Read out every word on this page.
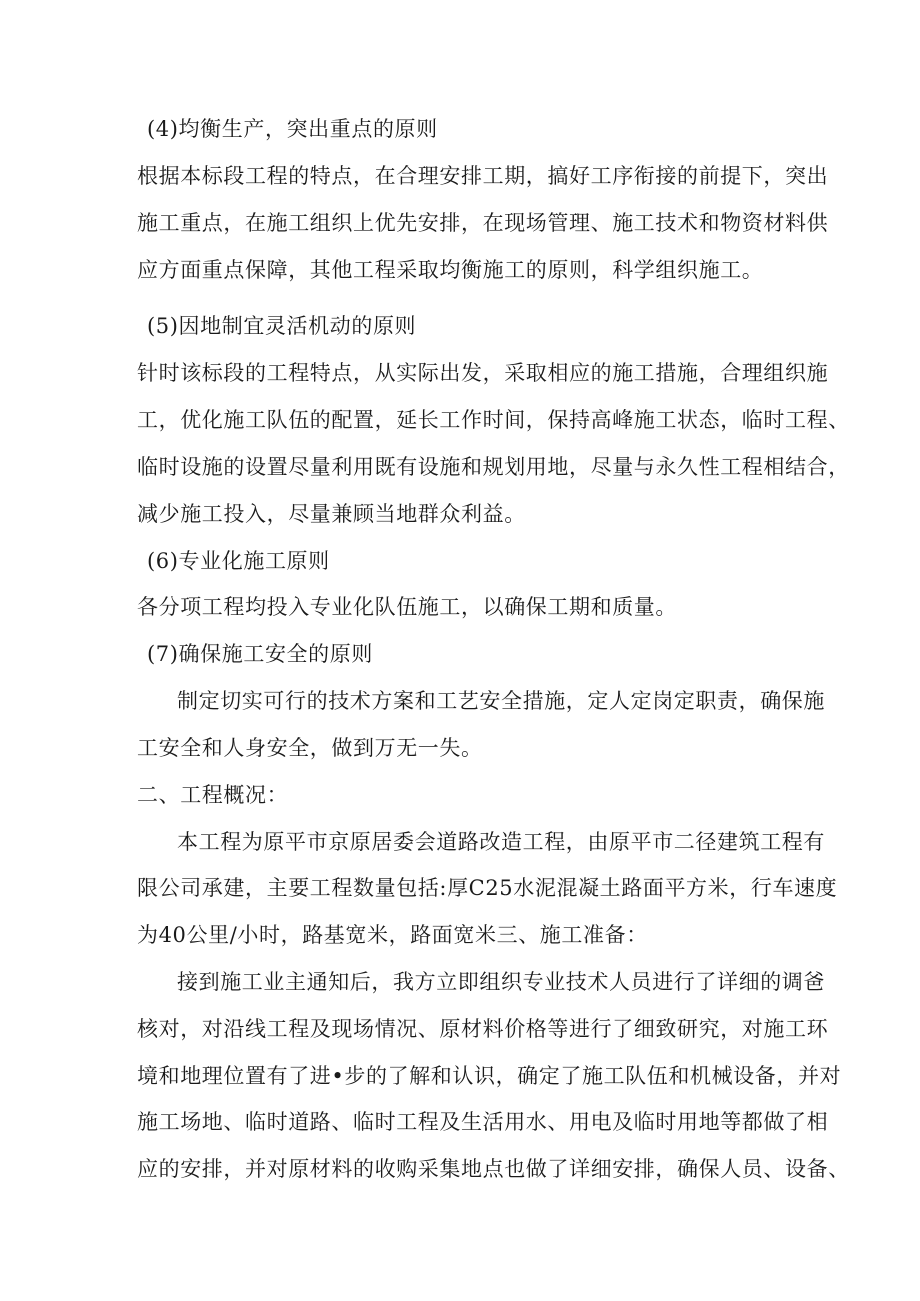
(4)均衡生产，突出重点的原则
根据本标段工程的特点，在合理安排工期，搞好工序衔接的前提下，突出
施工重点，在施工组织上优先安排，在现场管理、施工技术和物资材料供
应方面重点保障，其他工程采取均衡施工的原则，科学组织施工。
(5)因地制宜灵活机动的原则
针时该标段的工程特点，从实际出发，采取相应的施工措施，合理组织施
工，优化施工队伍的配置，延长工作时间，保持高峰施工状态，临时工程、
临时设施的设置尽量利用既有设施和规划用地，尽量与永久性工程相结合，
减少施工投入，尽量兼顾当地群众利益。
(6)专业化施工原则
各分项工程均投入专业化队伍施工，以确保工期和质量。
(7)确保施工安全的原则
制定切实可行的技术方案和工艺安全措施，定人定岗定职责，确保施
工安全和人身安全，做到万无一失。
二、工程概况：
本工程为原平市京原居委会道路改造工程，由原平市二径建筑工程有
限公司承建，主要工程数量包括:厚C25水泥混凝土路面平方米，行车速度
为40公里/小时，路基宽米，路面宽米三、施工准备：
接到施工业主通知后，我方立即组织专业技术人员进行了详细的调爸
核对，对沿线工程及现场情况、原材料价格等进行了细致研究，对施工环
境和地理位置有了进•步的了解和认识，确定了施工队伍和机械设备，并对
施工场地、临时道路、临时工程及生活用水、用电及临时用地等都做了相
应的安排，并对原材料的收购采集地点也做了详细安排，确保人员、设备、
